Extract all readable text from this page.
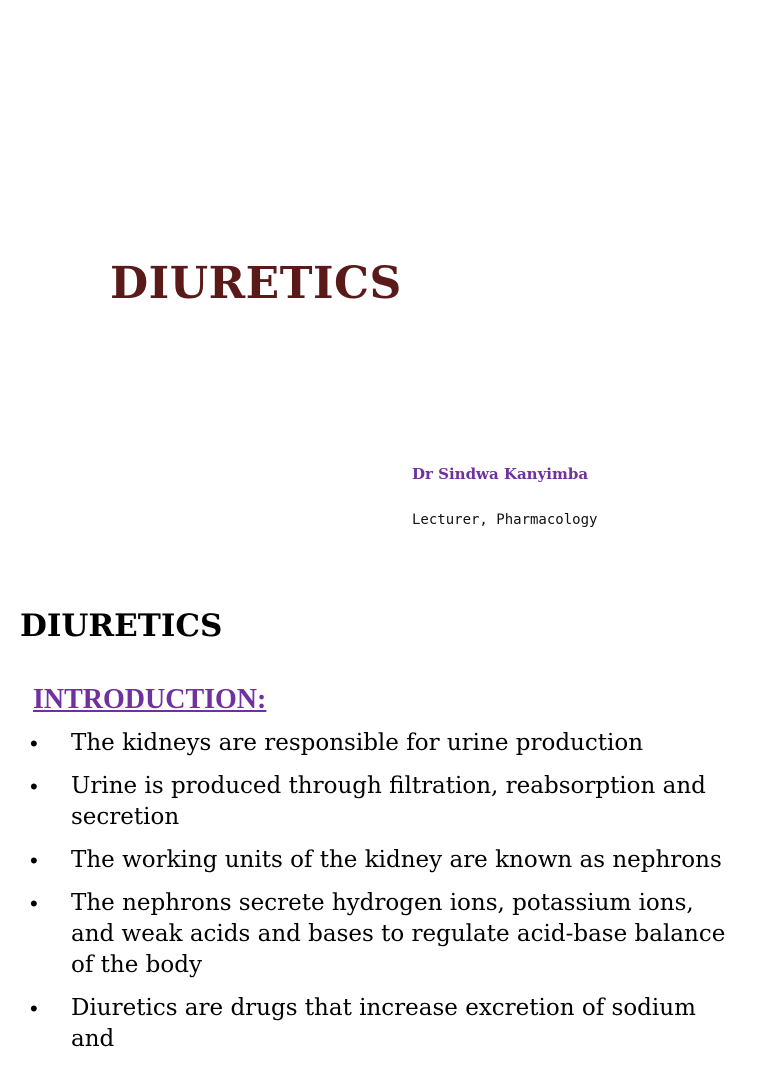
DIURETICS
Dr Sindwa Kanyimba
Lecturer, Pharmacology
DIURETICS
INTRODUCTION:
• The kidneys are responsible for urine production
• Urine is produced through filtration, reabsorption and secretion
• The working units of the kidney are known as nephrons
• The nephrons secrete hydrogen ions, potassium ions, and weak acids and bases to regulate acid-base balance of the body
• Diuretics are drugs that increase excretion of sodium and
